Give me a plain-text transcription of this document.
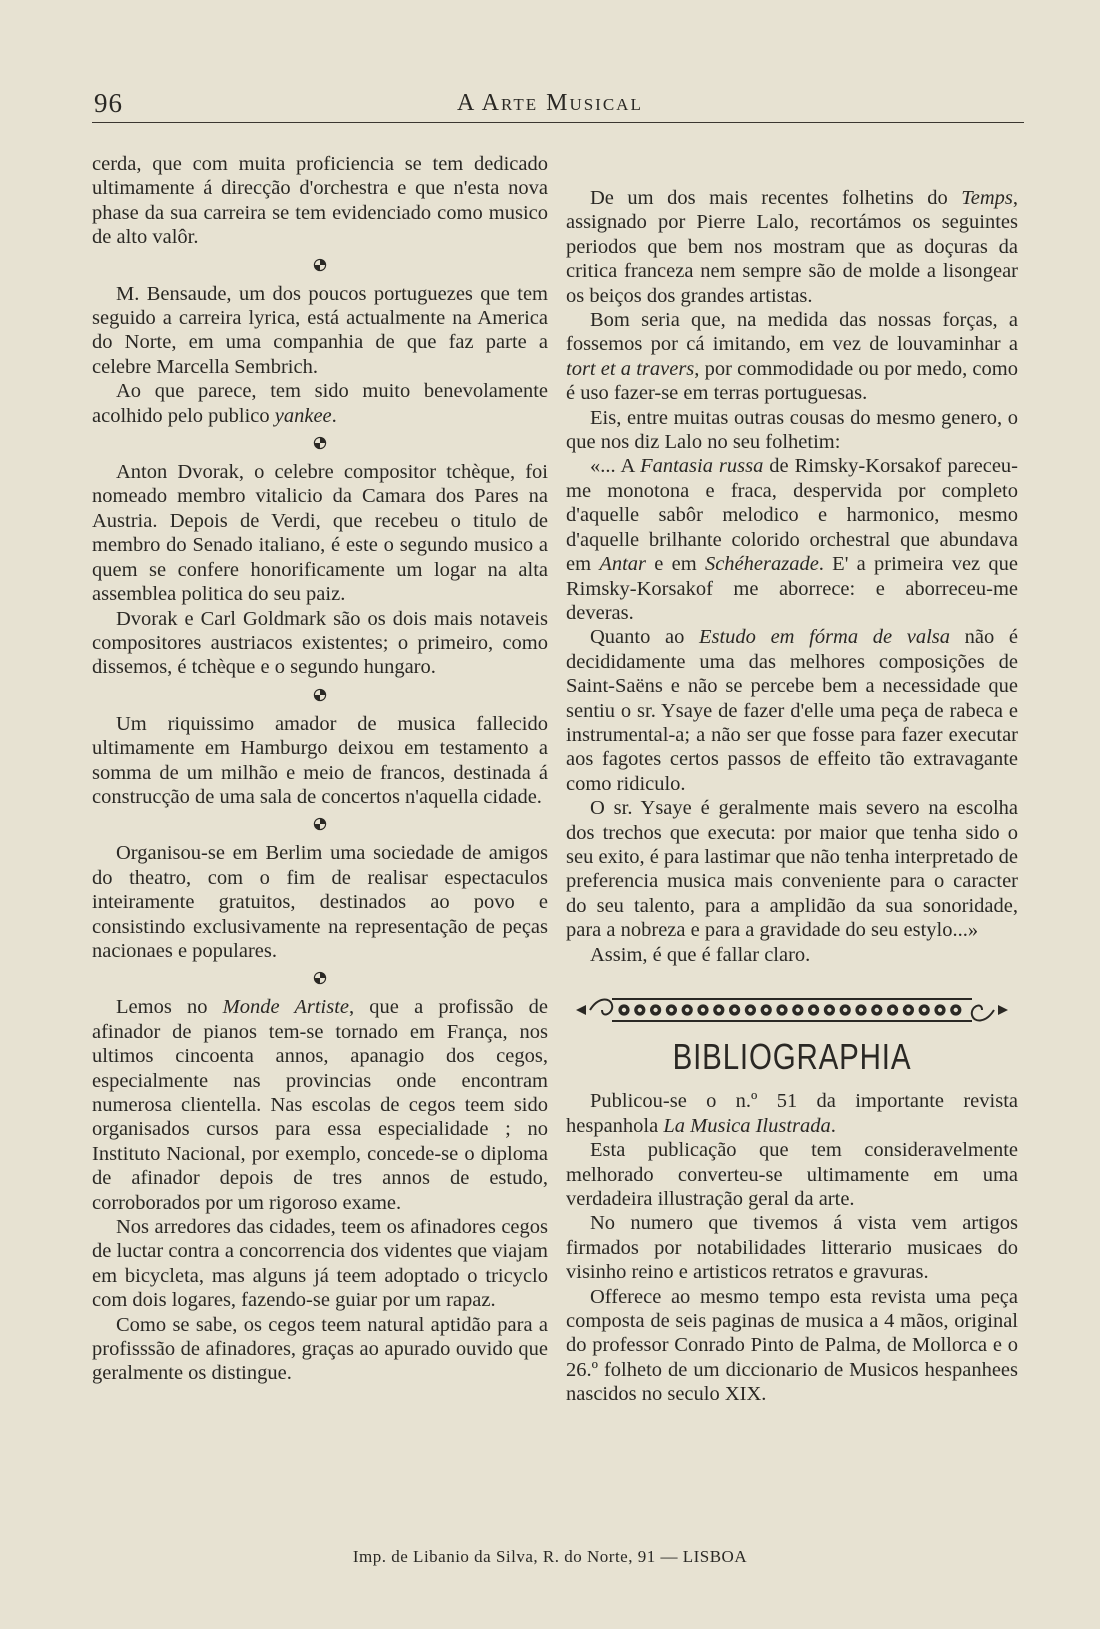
96	A Arte Musical

cerda, que com muita proficiencia se tem dedicado ultimamente á direcção d'orchestra e que n'esta nova phase da sua carreira se tem evidenciado como musico de alto valôr.

M. Bensaude, um dos poucos portuguezes que tem seguido a carreira lyrica, está actualmente na America do Norte, em uma companhia de que faz parte a celebre Marcella Sembrich.

Ao que parece, tem sido muito benevolamente acolhido pelo publico yankee.

Anton Dvorak, o celebre compositor tchèque, foi nomeado membro vitalicio da Camara dos Pares na Austria. Depois de Verdi, que recebeu o titulo de membro do Senado italiano, é este o segundo musico a quem se confere honorificamente um logar na alta assemblea politica do seu paiz.

Dvorak e Carl Goldmark são os dois mais notaveis compositores austriacos existentes; o primeiro, como dissemos, é tchèque e o segundo hungaro.

Um riquissimo amador de musica fallecido ultimamente em Hamburgo deixou em testamento a somma de um milhão e meio de francos, destinada á construcção de uma sala de concertos n'aquella cidade.

Organisou-se em Berlim uma sociedade de amigos do theatro, com o fim de realisar espectaculos inteiramente gratuitos, destinados ao povo e consistindo exclusivamente na representação de peças nacionaes e populares.

Lemos no Monde Artiste, que a profissão de afinador de pianos tem-se tornado em França, nos ultimos cincoenta annos, apanagio dos cegos, especialmente nas provincias onde encontram numerosa clientella. Nas escolas de cegos teem sido organisados cursos para essa especialidade ; no Instituto Nacional, por exemplo, concede-se o diploma de afinador depois de tres annos de estudo, corroborados por um rigoroso exame.

Nos arredores das cidades, teem os afinadores cegos de luctar contra a concorrencia dos videntes que viajam em bicycleta, mas alguns já teem adoptado o tricyclo com dois logares, fazendo-se guiar por um rapaz.

Como se sabe, os cegos teem natural aptidão para a profisssão de afinadores, graças ao apurado ouvido que geralmente os distingue.

De um dos mais recentes folhetins do Temps, assignado por Pierre Lalo, recortámos os seguintes periodos que bem nos mostram que as doçuras da critica franceza nem sempre são de molde a lisongear os beiços dos grandes artistas.

Bom seria que, na medida das nossas forças, a fossemos por cá imitando, em vez de louvaminhar a tort et a travers, por commodidade ou por medo, como é uso fazer-se em terras portuguesas.

Eis, entre muitas outras cousas do mesmo genero, o que nos diz Lalo no seu folhetim:

«... A Fantasia russa de Rimsky-Korsakof pareceu-me monotona e fraca, despervida por completo d'aquelle sabôr melodico e harmonico, mesmo d'aquelle brilhante colorido orchestral que abundava em Antar e em Schéherazade. E' a primeira vez que Rimsky-Korsakof me aborrece: e aborreceu-me deveras.

Quanto ao Estudo em fórma de valsa não é decididamente uma das melhores composições de Saint-Saëns e não se percebe bem a necessidade que sentiu o sr. Ysaye de fazer d'elle uma peça de rabeca e instrumental-a; a não ser que fosse para fazer executar aos fagotes certos passos de effeito tão extravagante como ridiculo.

O sr. Ysaye é geralmente mais severo na escolha dos trechos que executa: por maior que tenha sido o seu exito, é para lastimar que não tenha interpretado de preferencia musica mais conveniente para o caracter do seu talento, para a amplidão da sua sonoridade, para a nobreza e para a gravidade do seu estylo...»

Assim, é que é fallar claro.

BIBLIOGRAPHIA

Publicou-se o n.º 51 da importante revista hespanhola La Musica Ilustrada.

Esta publicação que tem consideravelmente melhorado converteu-se ultimamente em uma verdadeira illustração geral da arte.

No numero que tivemos á vista vem artigos firmados por notabilidades litterario musicaes do visinho reino e artisticos retratos e gravuras.

Offerece ao mesmo tempo esta revista uma peça composta de seis paginas de musica a 4 mãos, original do professor Conrado Pinto de Palma, de Mollorca e o 26.º folheto de um diccionario de Musicos hespanhees nascidos no seculo XIX.

Imp. de Libanio da Silva, R. do Norte, 91 — LISBOA
